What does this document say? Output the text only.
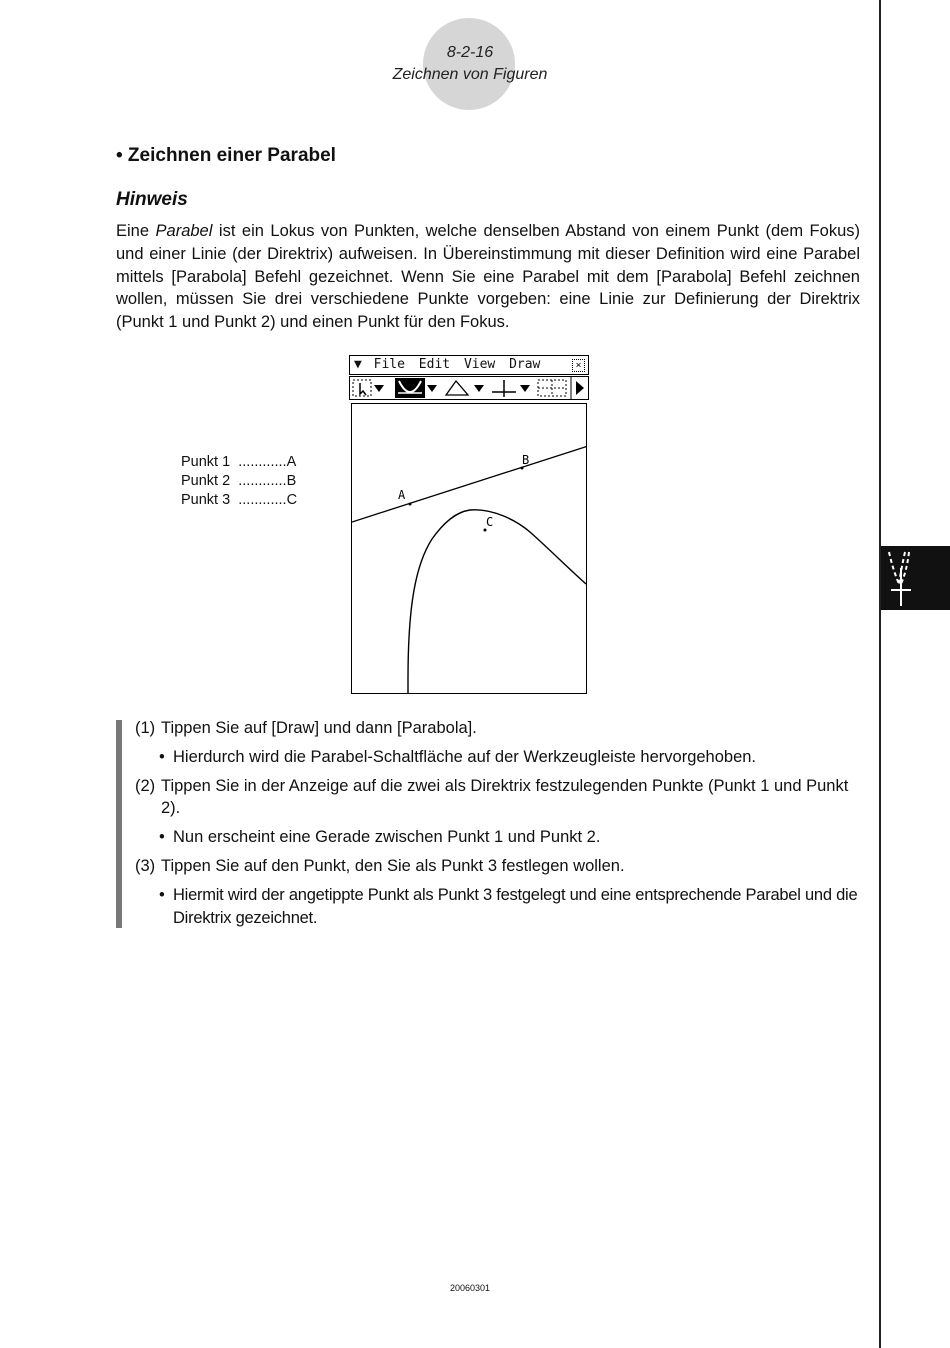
8-2-16
Zeichnen von Figuren
• Zeichnen einer Parabel
Hinweis
Eine Parabel ist ein Lokus von Punkten, welche denselben Abstand von einem Punkt (dem Fokus) und einer Linie (der Direktrix) aufweisen. In Übereinstimmung mit dieser Definition wird eine Parabel mittels [Parabola] Befehl gezeichnet. Wenn Sie eine Parabel mit dem [Parabola] Befehl zeichnen wollen, müssen Sie drei verschiedene Punkte vorgeben: eine Linie zur Definierung der Direktrix (Punkt 1 und Punkt 2) und einen Punkt für den Fokus.
Punkt 1 ............A
Punkt 2 ............B
Punkt 3 ............C
▼ File Edit View Draw	×
A
B
C
(1) Tippen Sie auf [Draw] und dann [Parabola].
• Hierdurch wird die Parabel-Schaltfläche auf der Werkzeugleiste hervorgehoben.
(2) Tippen Sie in der Anzeige auf die zwei als Direktrix festzulegenden Punkte (Punkt 1 und Punkt 2).
• Nun erscheint eine Gerade zwischen Punkt 1 und Punkt 2.
(3) Tippen Sie auf den Punkt, den Sie als Punkt 3 festlegen wollen.
• Hiermit wird der angetippte Punkt als Punkt 3 festgelegt und eine entsprechende Parabel und die Direktrix gezeichnet.
20060301
